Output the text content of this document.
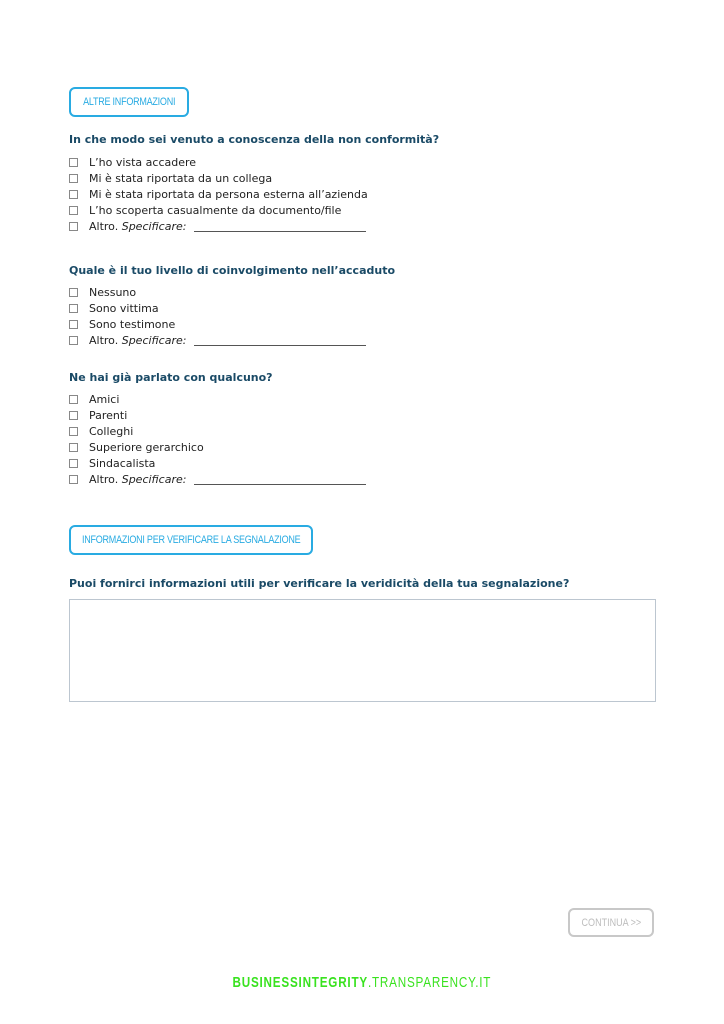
ALTRE INFORMAZIONI
In che modo sei venuto a conoscenza della non conformità?
L’ho vista accadere
Mi è stata riportata da un collega
Mi è stata riportata da persona esterna all’azienda
L’ho scoperta casualmente da documento/file
Altro. Specificare:
Quale è il tuo livello di coinvolgimento nell’accaduto
Nessuno
Sono vittima
Sono testimone
Altro. Specificare:
Ne hai già parlato con qualcuno?
Amici
Parenti
Colleghi
Superiore gerarchico
Sindacalista
Altro. Specificare:
INFORMAZIONI PER VERIFICARE LA SEGNALAZIONE
Puoi fornirci informazioni utili per verificare la veridicità della tua segnalazione?
CONTINUA >>
BUSINESSINTEGRITY.TRANSPARENCY.IT
